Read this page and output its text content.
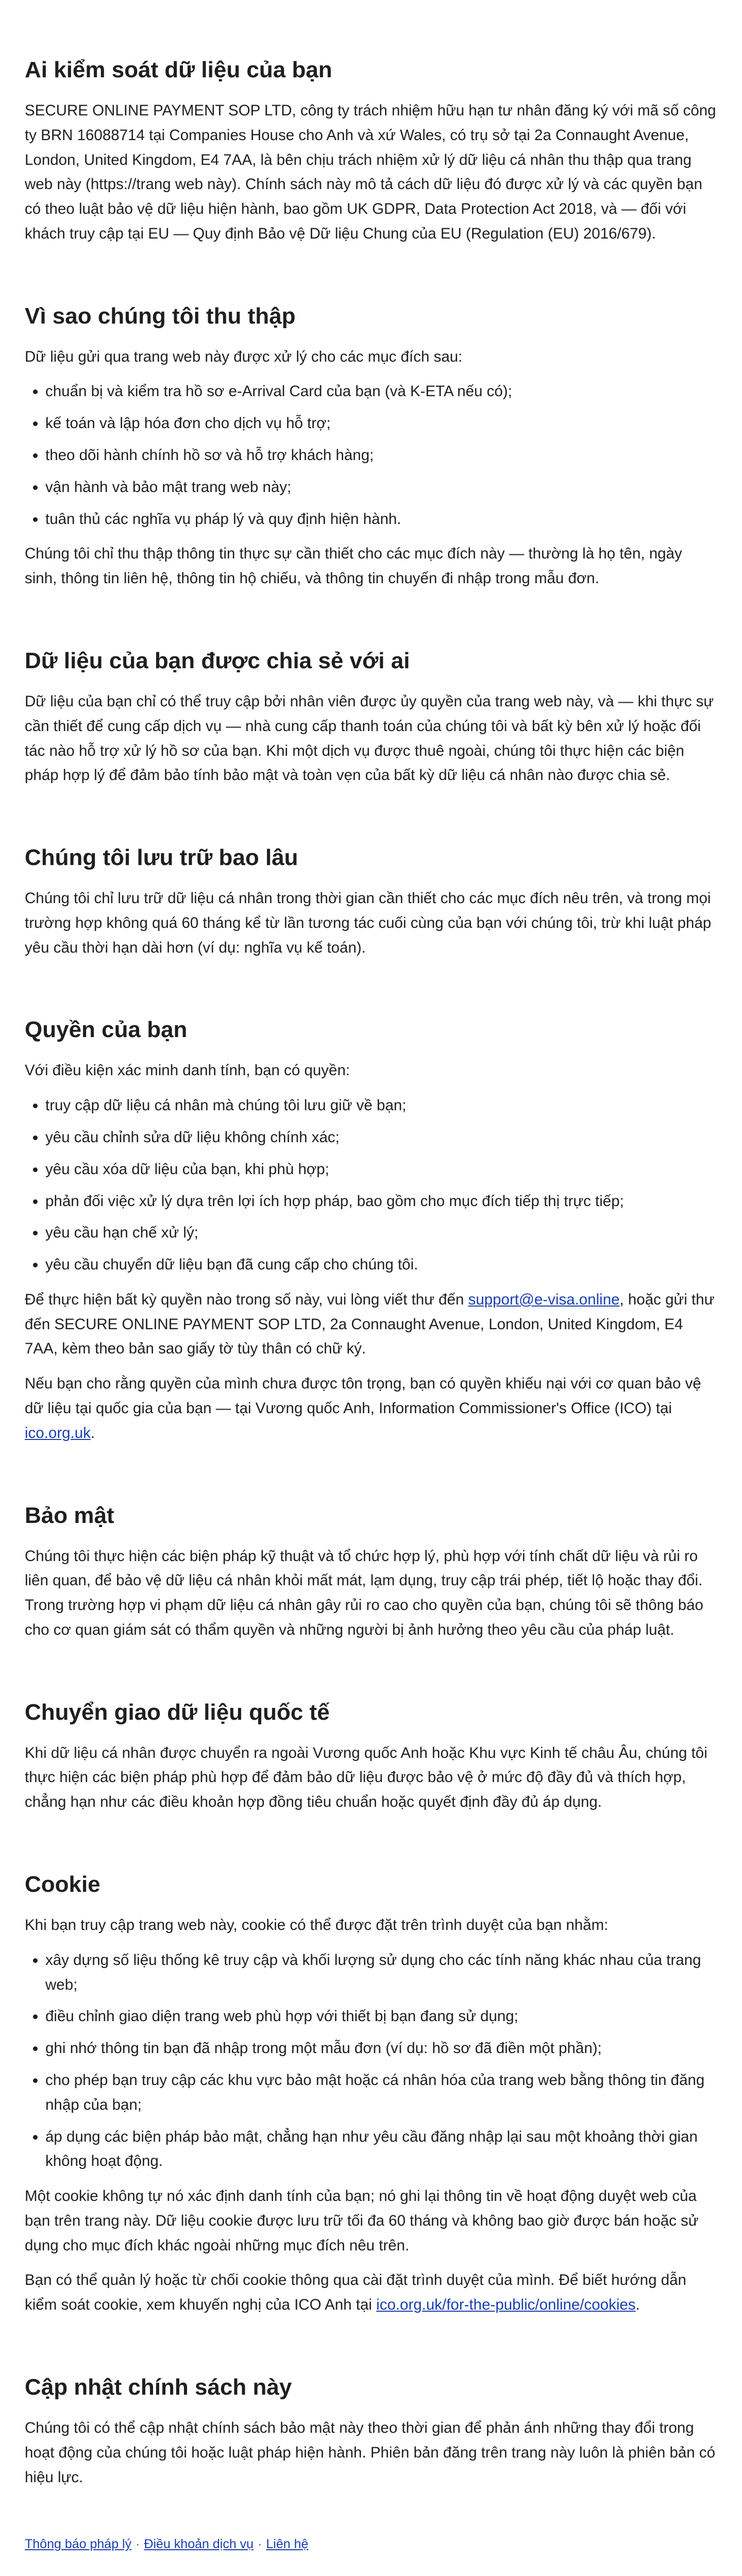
Ai kiểm soát dữ liệu của bạn

SECURE ONLINE PAYMENT SOP LTD, công ty trách nhiệm hữu hạn tư nhân đăng ký với mã số công ty BRN 16088714 tại Companies House cho Anh và xứ Wales, có trụ sở tại 2a Connaught Avenue, London, United Kingdom, E4 7AA, là bên chịu trách nhiệm xử lý dữ liệu cá nhân thu thập qua trang web này (https://trang web này). Chính sách này mô tả cách dữ liệu đó được xử lý và các quyền bạn có theo luật bảo vệ dữ liệu hiện hành, bao gồm UK GDPR, Data Protection Act 2018, và — đối với khách truy cập tại EU — Quy định Bảo vệ Dữ liệu Chung của EU (Regulation (EU) 2016/679).

Vì sao chúng tôi thu thập

Dữ liệu gửi qua trang web này được xử lý cho các mục đích sau:

• chuẩn bị và kiểm tra hồ sơ e-Arrival Card của bạn (và K-ETA nếu có);
• kế toán và lập hóa đơn cho dịch vụ hỗ trợ;
• theo dõi hành chính hồ sơ và hỗ trợ khách hàng;
• vận hành và bảo mật trang web này;
• tuân thủ các nghĩa vụ pháp lý và quy định hiện hành.

Chúng tôi chỉ thu thập thông tin thực sự cần thiết cho các mục đích này — thường là họ tên, ngày sinh, thông tin liên hệ, thông tin hộ chiếu, và thông tin chuyến đi nhập trong mẫu đơn.

Dữ liệu của bạn được chia sẻ với ai

Dữ liệu của bạn chỉ có thể truy cập bởi nhân viên được ủy quyền của trang web này, và — khi thực sự cần thiết để cung cấp dịch vụ — nhà cung cấp thanh toán của chúng tôi và bất kỳ bên xử lý hoặc đối tác nào hỗ trợ xử lý hồ sơ của bạn. Khi một dịch vụ được thuê ngoài, chúng tôi thực hiện các biện pháp hợp lý để đảm bảo tính bảo mật và toàn vẹn của bất kỳ dữ liệu cá nhân nào được chia sẻ.

Chúng tôi lưu trữ bao lâu

Chúng tôi chỉ lưu trữ dữ liệu cá nhân trong thời gian cần thiết cho các mục đích nêu trên, và trong mọi trường hợp không quá 60 tháng kể từ lần tương tác cuối cùng của bạn với chúng tôi, trừ khi luật pháp yêu cầu thời hạn dài hơn (ví dụ: nghĩa vụ kế toán).

Quyền của bạn

Với điều kiện xác minh danh tính, bạn có quyền:

• truy cập dữ liệu cá nhân mà chúng tôi lưu giữ về bạn;
• yêu cầu chỉnh sửa dữ liệu không chính xác;
• yêu cầu xóa dữ liệu của bạn, khi phù hợp;
• phản đối việc xử lý dựa trên lợi ích hợp pháp, bao gồm cho mục đích tiếp thị trực tiếp;
• yêu cầu hạn chế xử lý;
• yêu cầu chuyển dữ liệu bạn đã cung cấp cho chúng tôi.

Để thực hiện bất kỳ quyền nào trong số này, vui lòng viết thư đến support@e-visa.online, hoặc gửi thư đến SECURE ONLINE PAYMENT SOP LTD, 2a Connaught Avenue, London, United Kingdom, E4 7AA, kèm theo bản sao giấy tờ tùy thân có chữ ký.

Nếu bạn cho rằng quyền của mình chưa được tôn trọng, bạn có quyền khiếu nại với cơ quan bảo vệ dữ liệu tại quốc gia của bạn — tại Vương quốc Anh, Information Commissioner's Office (ICO) tại ico.org.uk.

Bảo mật

Chúng tôi thực hiện các biện pháp kỹ thuật và tổ chức hợp lý, phù hợp với tính chất dữ liệu và rủi ro liên quan, để bảo vệ dữ liệu cá nhân khỏi mất mát, lạm dụng, truy cập trái phép, tiết lộ hoặc thay đổi. Trong trường hợp vi phạm dữ liệu cá nhân gây rủi ro cao cho quyền của bạn, chúng tôi sẽ thông báo cho cơ quan giám sát có thẩm quyền và những người bị ảnh hưởng theo yêu cầu của pháp luật.

Chuyển giao dữ liệu quốc tế

Khi dữ liệu cá nhân được chuyển ra ngoài Vương quốc Anh hoặc Khu vực Kinh tế châu Âu, chúng tôi thực hiện các biện pháp phù hợp để đảm bảo dữ liệu được bảo vệ ở mức độ đầy đủ và thích hợp, chẳng hạn như các điều khoản hợp đồng tiêu chuẩn hoặc quyết định đầy đủ áp dụng.

Cookie

Khi bạn truy cập trang web này, cookie có thể được đặt trên trình duyệt của bạn nhằm:

• xây dựng số liệu thống kê truy cập và khối lượng sử dụng cho các tính năng khác nhau của trang web;
• điều chỉnh giao diện trang web phù hợp với thiết bị bạn đang sử dụng;
• ghi nhớ thông tin bạn đã nhập trong một mẫu đơn (ví dụ: hồ sơ đã điền một phần);
• cho phép bạn truy cập các khu vực bảo mật hoặc cá nhân hóa của trang web bằng thông tin đăng nhập của bạn;
• áp dụng các biện pháp bảo mật, chẳng hạn như yêu cầu đăng nhập lại sau một khoảng thời gian không hoạt động.

Một cookie không tự nó xác định danh tính của bạn; nó ghi lại thông tin về hoạt động duyệt web của bạn trên trang này. Dữ liệu cookie được lưu trữ tối đa 60 tháng và không bao giờ được bán hoặc sử dụng cho mục đích khác ngoài những mục đích nêu trên.

Bạn có thể quản lý hoặc từ chối cookie thông qua cài đặt trình duyệt của mình. Để biết hướng dẫn kiểm soát cookie, xem khuyến nghị của ICO Anh tại ico.org.uk/for-the-public/online/cookies.

Cập nhật chính sách này

Chúng tôi có thể cập nhật chính sách bảo mật này theo thời gian để phản ánh những thay đổi trong hoạt động của chúng tôi hoặc luật pháp hiện hành. Phiên bản đăng trên trang này luôn là phiên bản có hiệu lực.

Thông báo pháp lý · Điều khoản dịch vụ · Liên hệ
